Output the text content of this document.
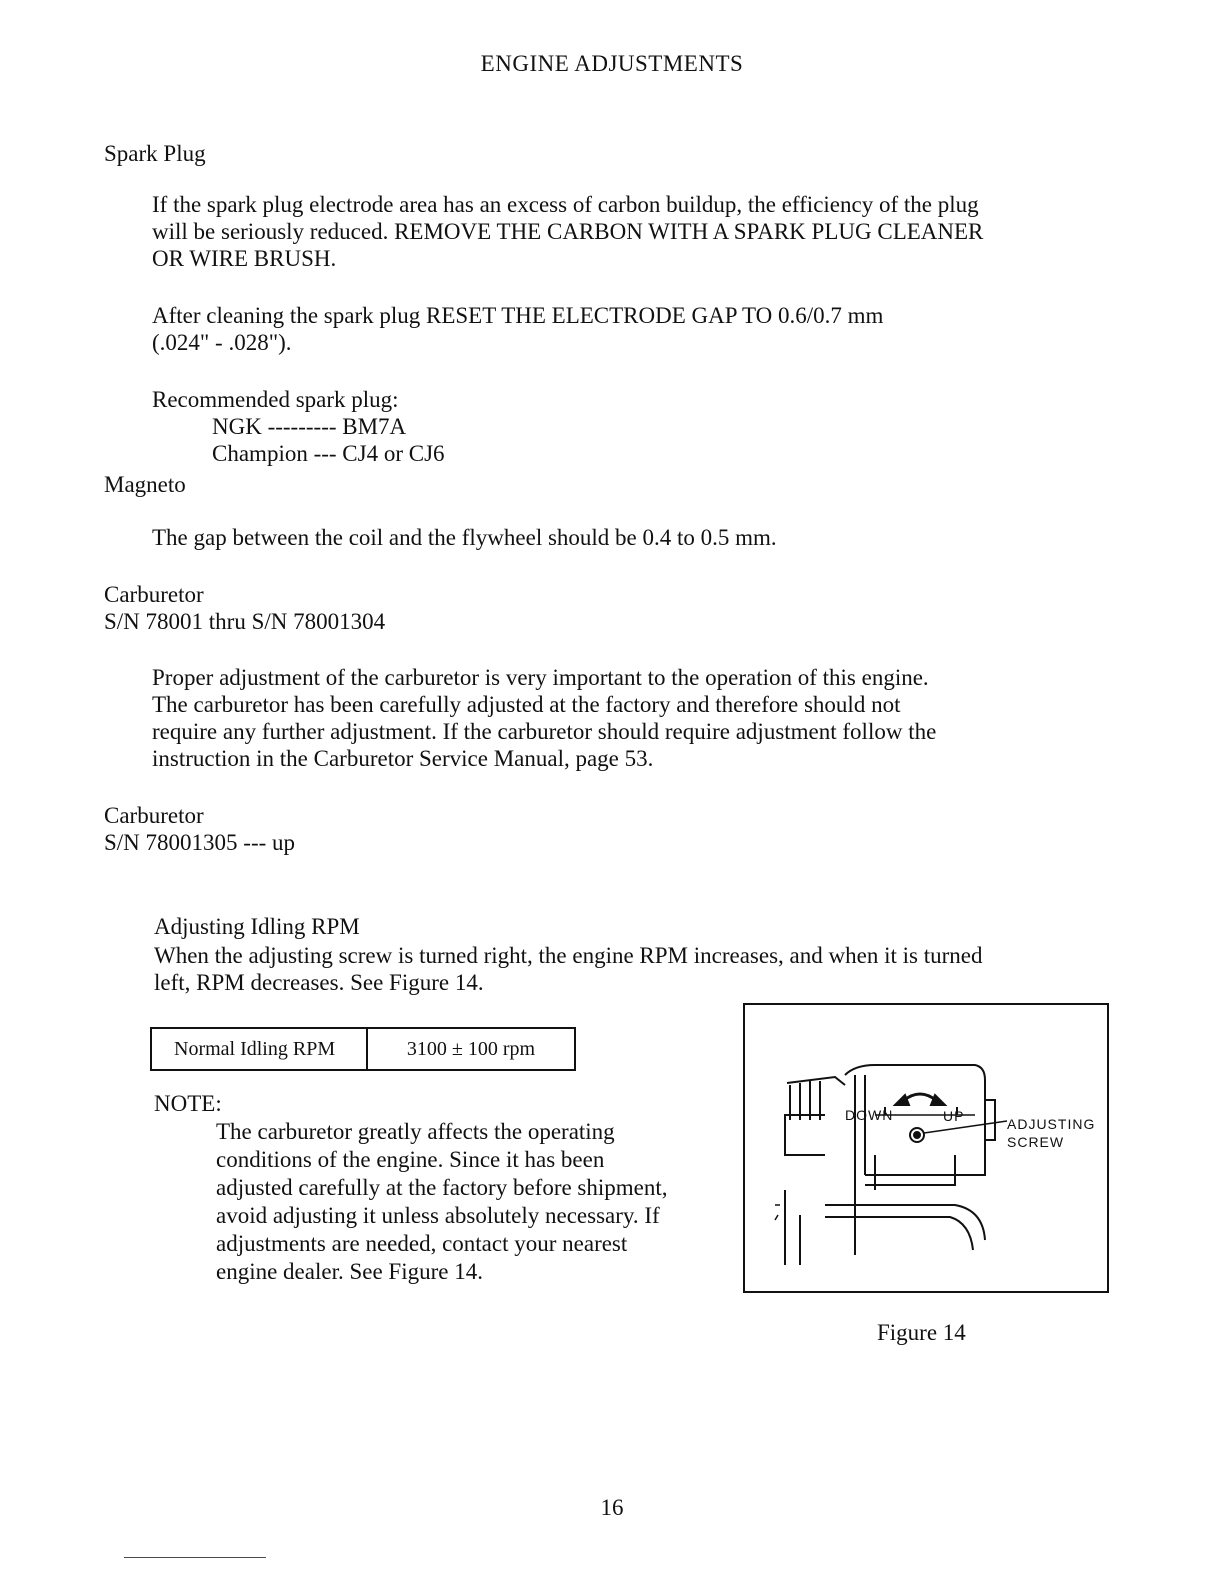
ENGINE ADJUSTMENTS
Spark Plug
If the spark plug electrode area has an excess of carbon buildup, the efficiency of the plug
will be seriously reduced. REMOVE THE CARBON WITH A SPARK PLUG CLEANER
OR WIRE BRUSH.
After cleaning the spark plug RESET THE ELECTRODE GAP TO 0.6/0.7 mm
(.024" - .028").
Recommended spark plug:
NGK --------- BM7A
Champion --- CJ4 or CJ6
Magneto
The gap between the coil and the flywheel should be 0.4 to 0.5 mm.
Carburetor
S/N 78001 thru S/N 78001304
Proper adjustment of the carburetor is very important to the operation of this engine.
The carburetor has been carefully adjusted at the factory and therefore should not
require any further adjustment. If the carburetor should require adjustment follow the
instruction in the Carburetor Service Manual, page 53.
Carburetor
S/N 78001305 --- up
Adjusting Idling RPM
When the adjusting screw is turned right, the engine RPM increases, and when it is turned
left, RPM decreases. See Figure 14.
Normal Idling RPM	3100 ± 100 rpm
NOTE:
The carburetor greatly affects the operating
conditions of the engine. Since it has been
adjusted carefully at the factory before shipment,
avoid adjusting it unless absolutely necessary. If
adjustments are needed, contact your nearest
engine dealer. See Figure 14.
DOWN	UP	ADJUSTING
SCREW
Figure 14
16
